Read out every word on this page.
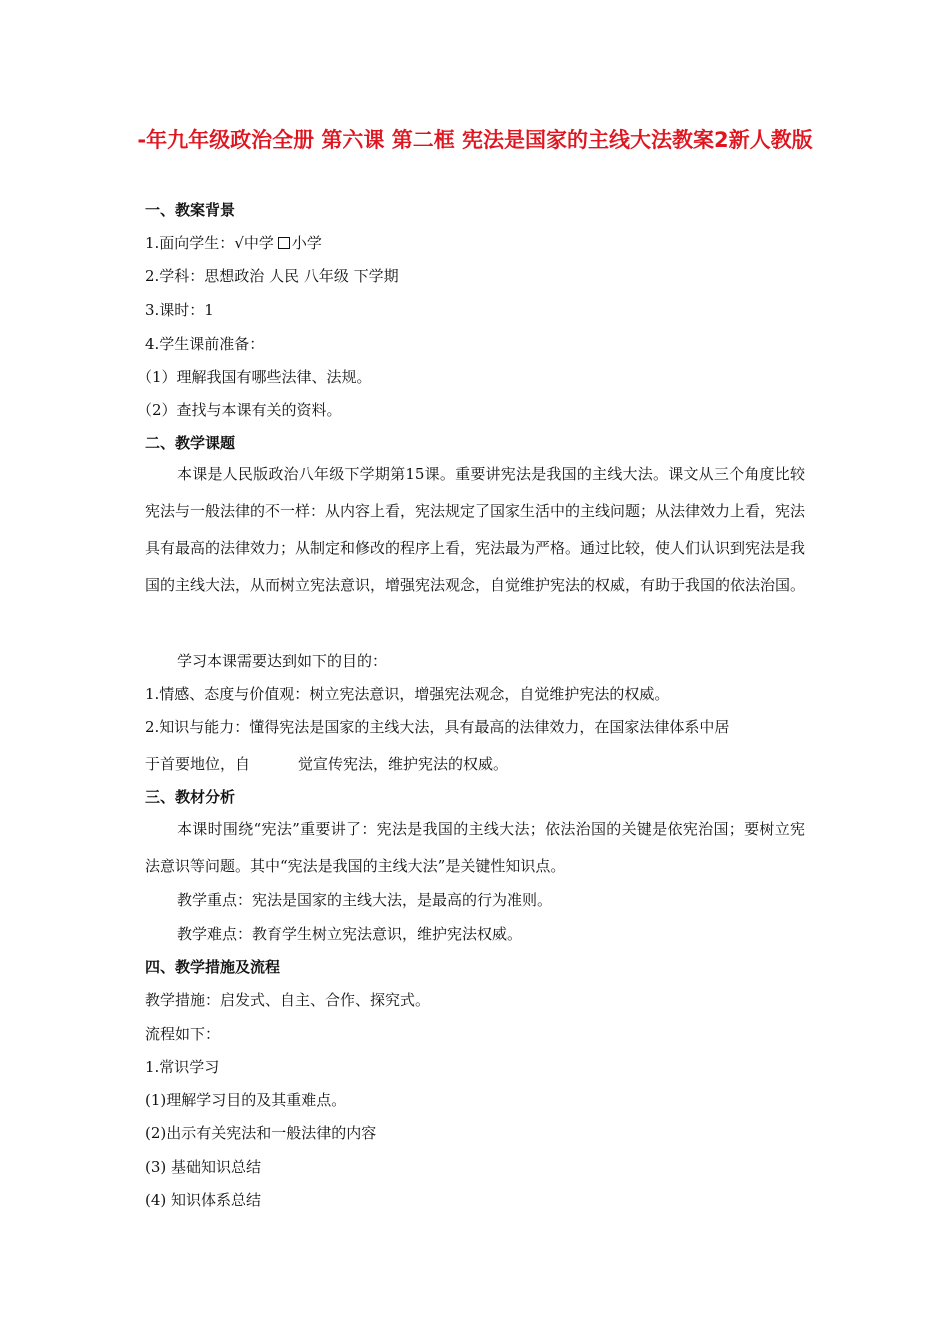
-年九年级政治全册 第六课 第二框 宪法是国家的主线大法教案2新人教版
一、教案背景
1.面向学生：√中学 小学
2.学科：思想政治 人民 八年级 下学期
3.课时：1
4.学生课前准备：
（1）理解我国有哪些法律、法规。
（2）查找与本课有关的资料。
二、教学课题

本课是人民版政治八年级下学期第15课。重要讲宪法是我国的主线大法。课文从三个角度比较宪法与一般法律的不一样：从内容上看，宪法规定了国家生活中的主线问题；从法律效力上看，宪法具有最高的法律效力；从制定和修改的程序上看，宪法最为严格。通过比较，使人们认识到宪法是我国的主线大法，从而树立宪法意识，增强宪法观念，自觉维护宪法的权威，有助于我国的依法治国。

学习本课需要达到如下的目的：
1.情感、态度与价值观：树立宪法意识，增强宪法观念，自觉维护宪法的权威。
2.知识与能力：懂得宪法是国家的主线大法，具有最高的法律效力，在国家法律体系中居
于首要地位，自	觉宣传宪法，维护宪法的权威。
三、教材分析

本课时围绕“宪法”重要讲了：宪法是我国的主线大法；依法治国的关键是依宪治国；要树立宪法意识等问题。其中“宪法是我国的主线大法”是关键性知识点。

教学重点：宪法是国家的主线大法，是最高的行为准则。
教学难点：教育学生树立宪法意识，维护宪法权威。
四、教学措施及流程
教学措施：启发式、自主、合作、探究式。
流程如下：
1.常识学习
(1)理解学习目的及其重难点。
(2)出示有关宪法和一般法律的内容
(3) 基础知识总结
(4) 知识体系总结
